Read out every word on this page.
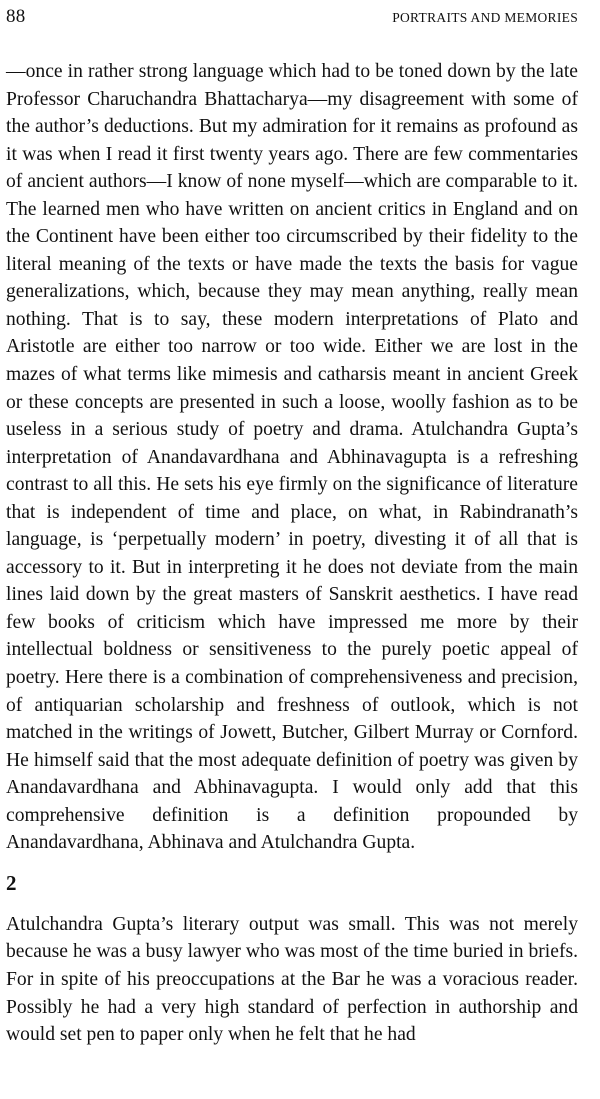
88	PORTRAITS AND MEMORIES

—once in rather strong language which had to be toned down by the late Professor Charuchandra Bhattacharya—my disagreement with some of the author’s deductions. But my admiration for it remains as profound as it was when I read it first twenty years ago. There are few commentaries of ancient authors—I know of none myself—which are comparable to it. The learned men who have written on ancient critics in England and on the Continent have been either too circumscribed by their fidelity to the literal meaning of the texts or have made the texts the basis for vague generalizations, which, because they may mean anything, really mean nothing. That is to say, these modern interpretations of Plato and Aristotle are either too narrow or too wide. Either we are lost in the mazes of what terms like mimesis and catharsis meant in ancient Greek or these concepts are presented in such a loose, woolly fashion as to be useless in a serious study of poetry and drama. Atulchandra Gupta’s interpretation of Anandavardhana and Abhinavagupta is a refreshing contrast to all this. He sets his eye firmly on the significance of literature that is independent of time and place, on what, in Rabindranath’s language, is ‘perpetually modern’ in poetry, divesting it of all that is accessory to it. But in interpreting it he does not deviate from the main lines laid down by the great masters of Sanskrit aesthetics. I have read few books of criticism which have impressed me more by their intellectual boldness or sensitiveness to the purely poetic appeal of poetry. Here there is a combination of comprehensiveness and precision, of antiquarian scholarship and freshness of outlook, which is not matched in the writings of Jowett, Butcher, Gilbert Murray or Cornford. He himself said that the most adequate definition of poetry was given by Anandavardhana and Abhinavagupta. I would only add that this comprehensive definition is a definition propounded by Anandavardhana, Abhinava and Atulchandra Gupta.

2

Atulchandra Gupta’s literary output was small. This was not merely because he was a busy lawyer who was most of the time buried in briefs. For in spite of his preoccupations at the Bar he was a voracious reader. Possibly he had a very high standard of perfection in authorship and would set pen to paper only when he felt that he had
